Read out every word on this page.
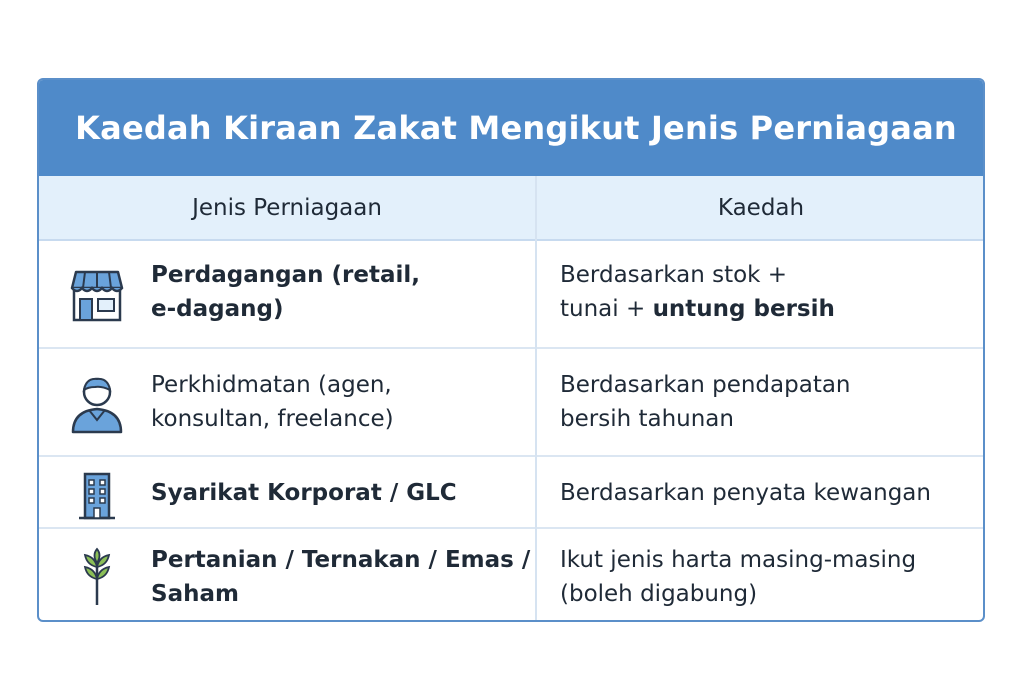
Kaedah Kiraan Zakat Mengikut Jenis Perniagaan
Jenis Perniagaan	Kaedah
Perdagangan (retail,
e-dagang)
Berdasarkan stok +
tunai + untung bersih
Perkhidmatan (agen,
konsultan, freelance)
Berdasarkan pendapatan
bersih tahunan
Syarikat Korporat / GLC	Berdasarkan penyata kewangan
Pertanian / Ternakan / Emas /
Saham
Ikut jenis harta masing-masing
(boleh digabung)
